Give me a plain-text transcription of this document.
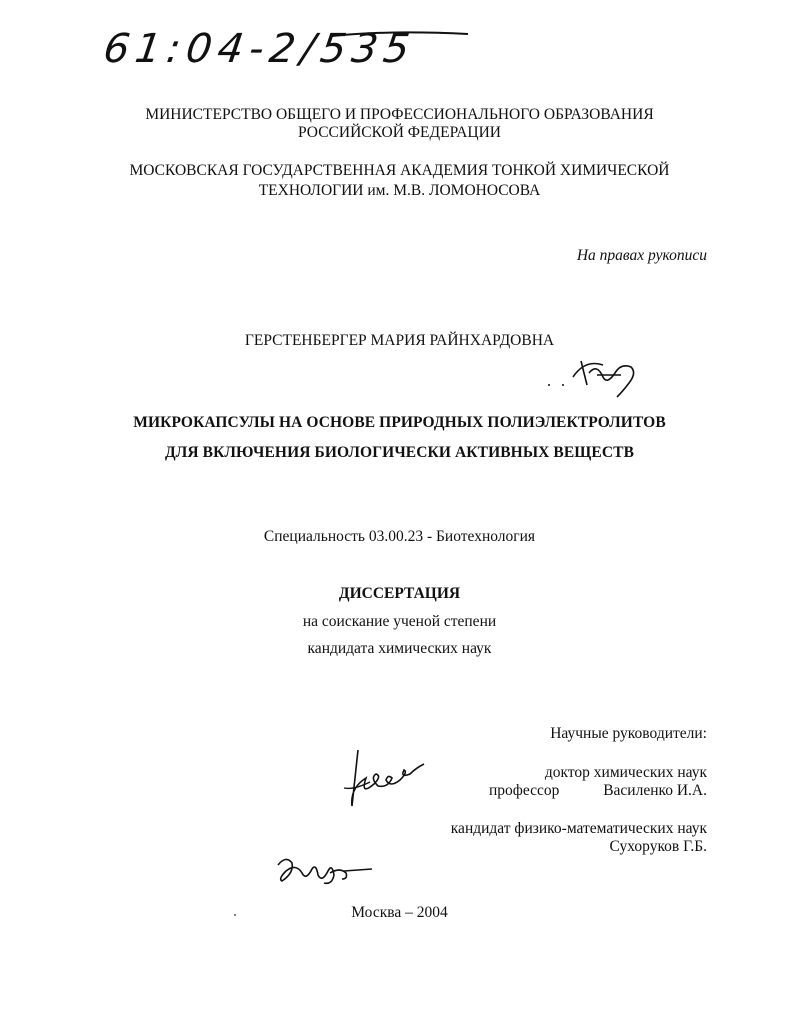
61:04-2/535
МИНИСТЕРСТВО ОБЩЕГО И ПРОФЕССИОНАЛЬНОГО ОБРАЗОВАНИЯ
РОССИЙСКОЙ ФЕДЕРАЦИИ
МОСКОВСКАЯ ГОСУДАРСТВЕННАЯ АКАДЕМИЯ ТОНКОЙ ХИМИЧЕСКОЙ
ТЕХНОЛОГИИ им. М.В. ЛОМОНОСОВА
На правах рукописи
ГЕРСТЕНБЕРГЕР МАРИЯ РАЙНХАРДОВНА
МИКРОКАПСУЛЫ НА ОСНОВЕ ПРИРОДНЫХ ПОЛИЭЛЕКТРОЛИТОВ
ДЛЯ ВКЛЮЧЕНИЯ БИОЛОГИЧЕСКИ АКТИВНЫХ ВЕЩЕСТВ
Специальность 03.00.23 - Биотехнология
ДИССЕРТАЦИЯ
на соискание ученой степени
кандидата химических наук
Научные руководители:
доктор химических наук
профессор	Василенко И.А.
кандидат физико-математических наук
Сухоруков Г.Б.
Москва – 2004
